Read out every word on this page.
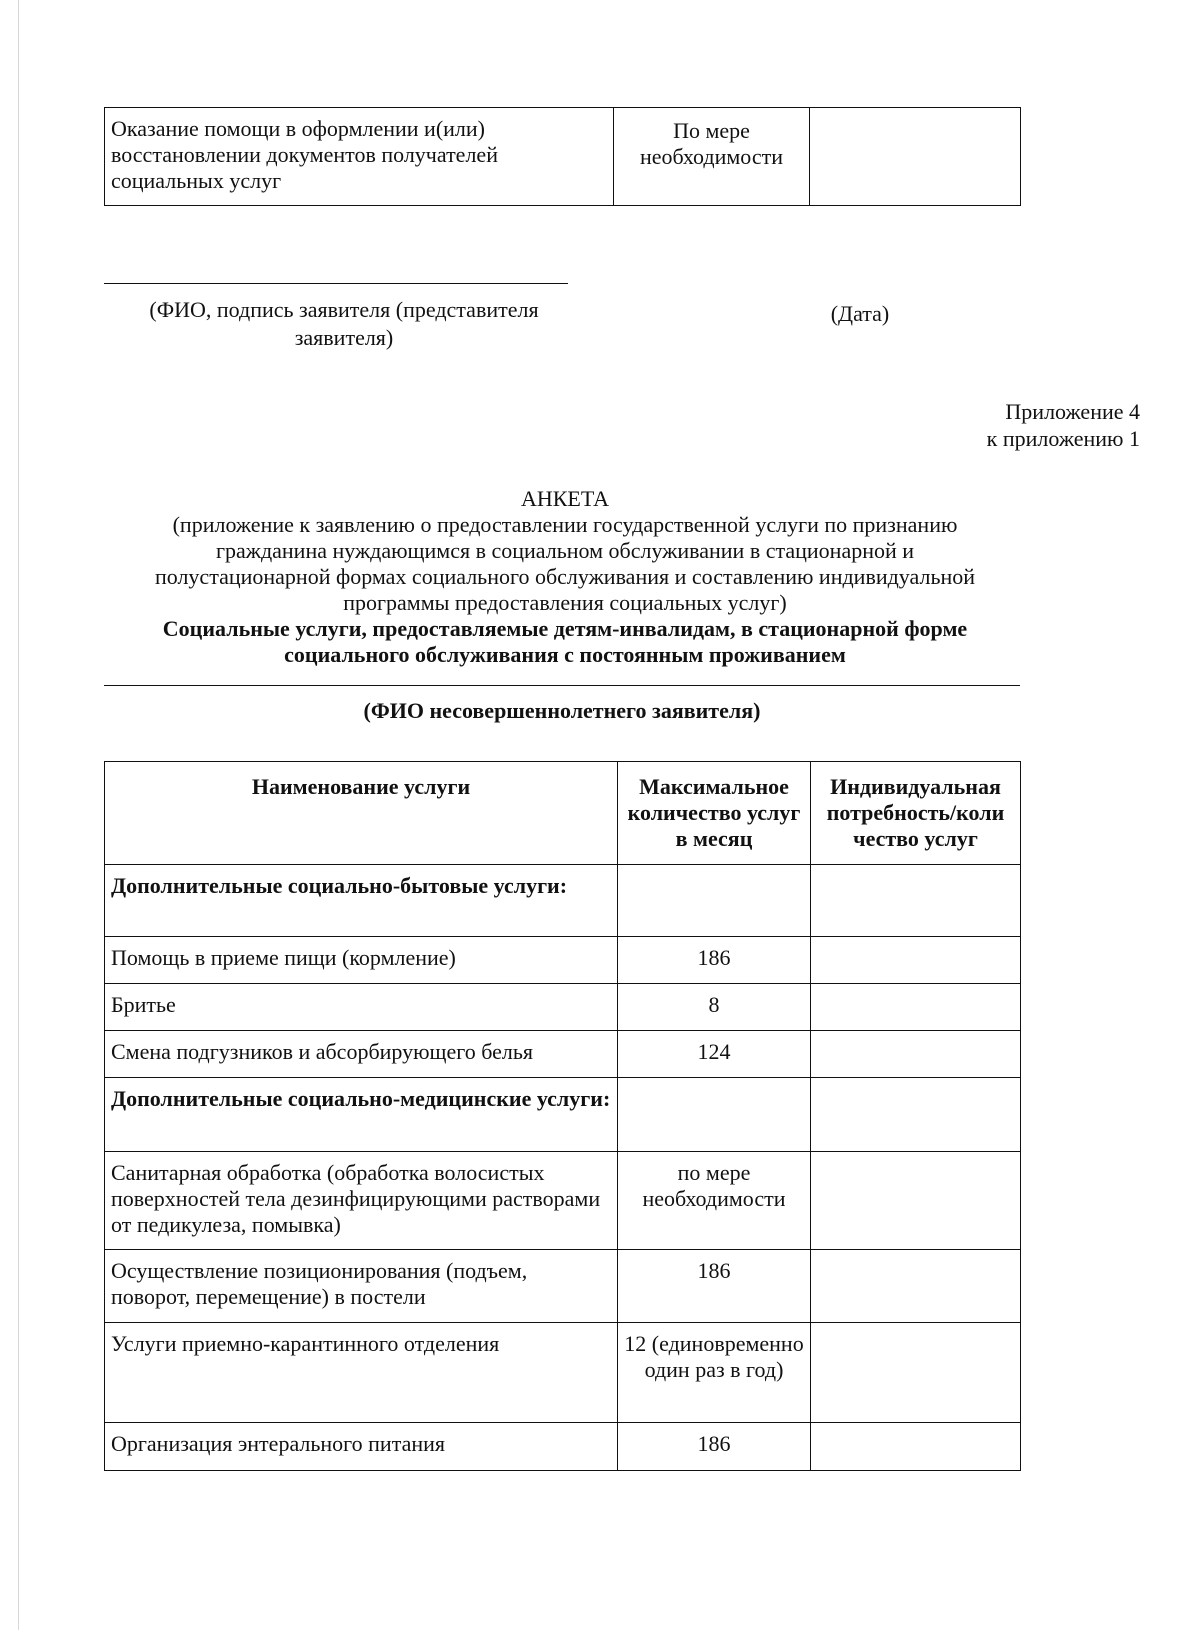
Оказание помощи в оформлении и(или) восстановлении документов получателей социальных услуг	По мере необходимости	
(ФИО, подпись заявителя (представителя заявителя)
(Дата)
Приложение 4
к приложению 1
АНКЕТА
(приложение к заявлению о предоставлении государственной услуги по признанию гражданина нуждающимся в социальном обслуживании в стационарной и полустационарной формах социального обслуживания и составлению индивидуальной программы предоставления социальных услуг)
Социальные услуги, предоставляемые детям-инвалидам, в стационарной форме социального обслуживания с постоянным проживанием
(ФИО несовершеннолетнего заявителя)
Наименование услуги	Максимальное количество услуг в месяц	Индивидуальная потребность/коли чество услуг
Дополнительные социально-бытовые услуги:		
Помощь в приеме пищи (кормление)	186	
Бритье	8	
Смена подгузников и абсорбирующего белья	124	
Дополнительные социально-медицинские услуги:		
Санитарная обработка (обработка волосистых поверхностей тела дезинфицирующими растворами от педикулеза, помывка)	по мере необходимости	
Осуществление позиционирования (подъем, поворот, перемещение) в постели	186	
Услуги приемно-карантинного отделения	12 (единовременно один раз в год)	
Организация энтерального питания	186	
